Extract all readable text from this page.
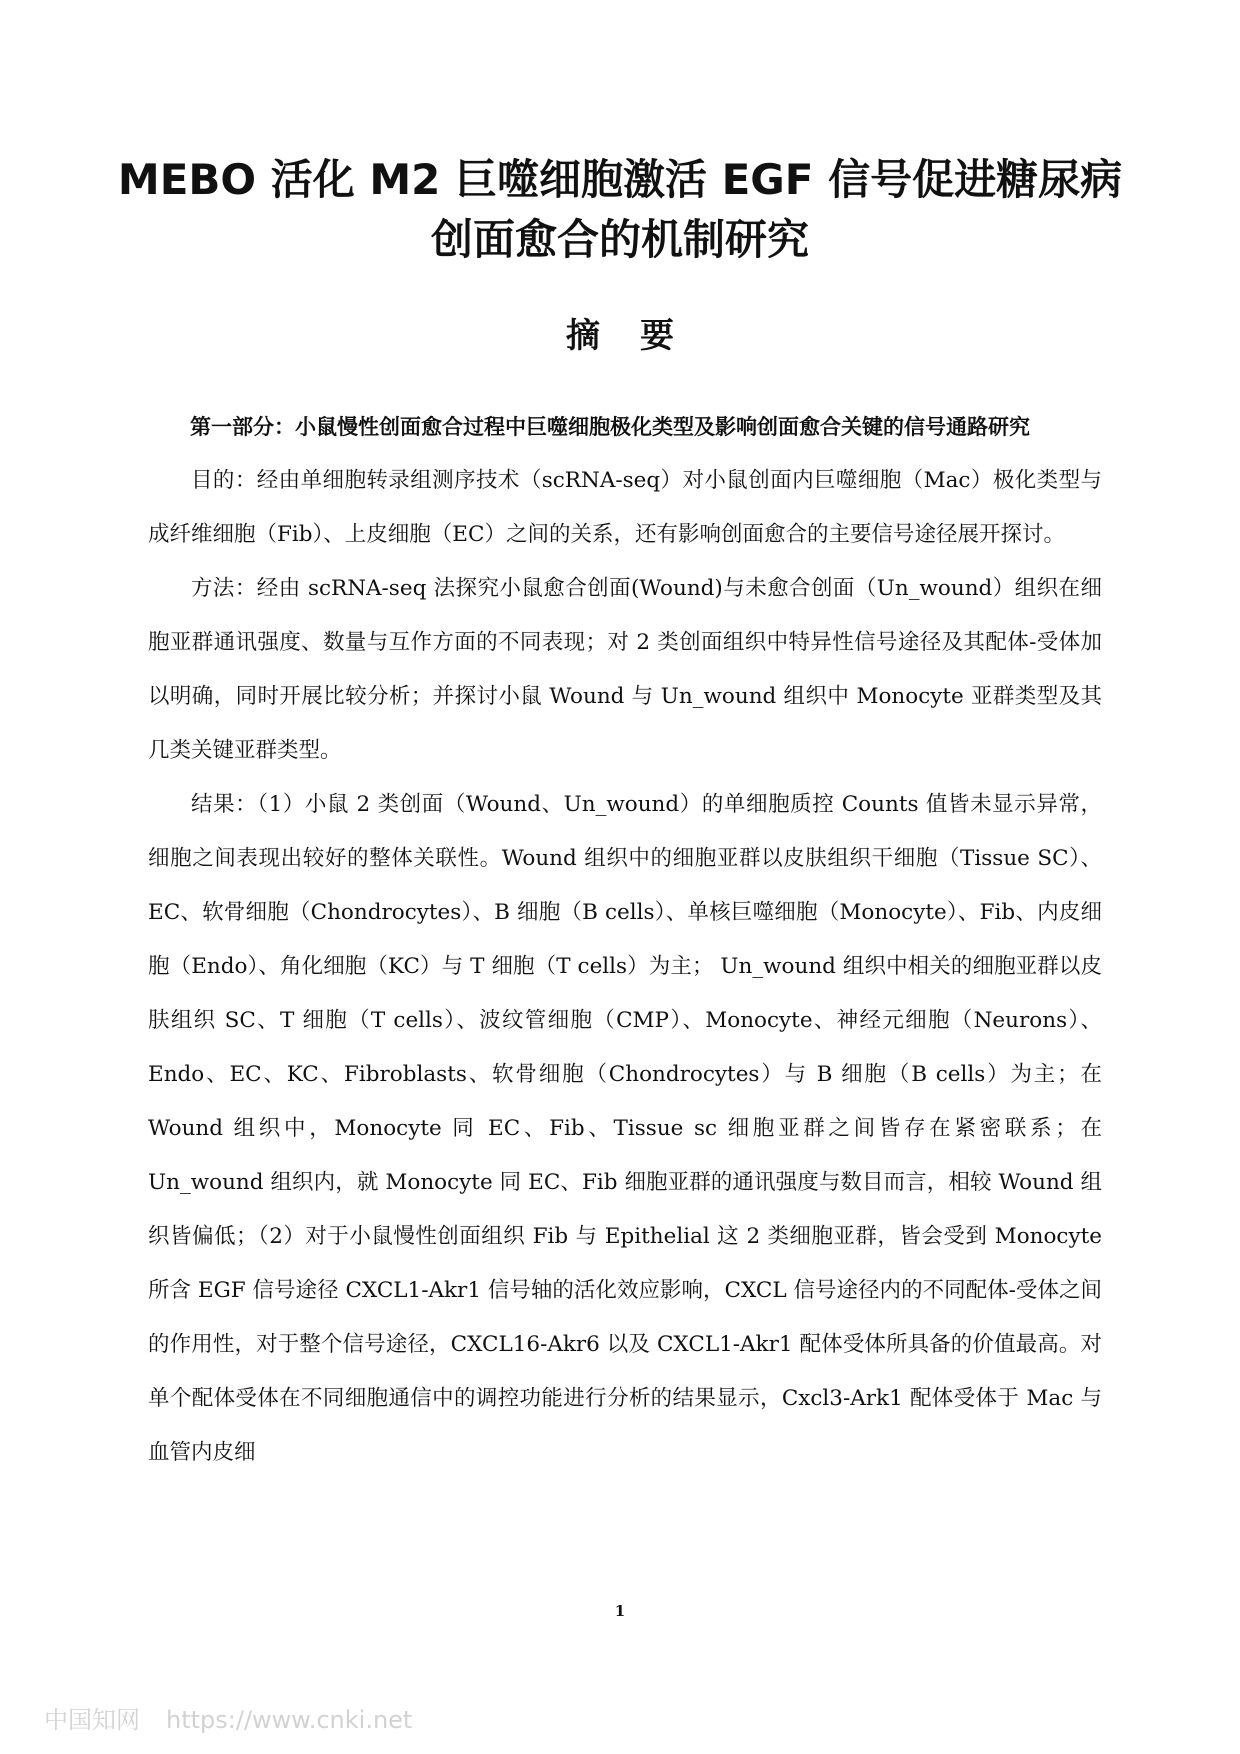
MEBO 活化 M2 巨噬细胞激活 EGF 信号促进糖尿病
创面愈合的机制研究
摘要

第一部分：小鼠慢性创面愈合过程中巨噬细胞极化类型及影响创面愈合关键的信号通路研究

目的：经由单细胞转录组测序技术（scRNA-seq）对小鼠创面内巨噬细胞（Mac）极化类型与成纤维细胞（Fib）、上皮细胞（EC）之间的关系，还有影响创面愈合的主要信号途径展开探讨。

方法：经由 scRNA-seq 法探究小鼠愈合创面(Wound)与未愈合创面（Un_wound）组织在细胞亚群通讯强度、数量与互作方面的不同表现；对 2 类创面组织中特异性信号途径及其配体-受体加以明确，同时开展比较分析；并探讨小鼠 Wound 与 Un_wound 组织中 Monocyte 亚群类型及其几类关键亚群类型。

结果：（1）小鼠 2 类创面（Wound、Un_wound）的单细胞质控 Counts 值皆未显示异常，细胞之间表现出较好的整体关联性。Wound 组织中的细胞亚群以皮肤组织干细胞（Tissue SC）、EC、软骨细胞（Chondrocytes）、B 细胞（B cells）、单核巨噬细胞（Monocyte）、Fib、内皮细胞（Endo）、角化细胞（KC）与 T 细胞（T cells）为主； Un_wound 组织中相关的细胞亚群以皮肤组织 SC、T 细胞（T cells）、波纹管细胞（CMP）、Monocyte、神经元细胞（Neurons）、Endo、EC、KC、Fibroblasts、软骨细胞（Chondrocytes）与 B 细胞（B cells）为主；在 Wound 组织中，Monocyte 同 EC、Fib、Tissue sc 细胞亚群之间皆存在紧密联系；在 Un_wound 组织内，就 Monocyte 同 EC、Fib 细胞亚群的通讯强度与数目而言，相较 Wound 组织皆偏低；（2）对于小鼠慢性创面组织 Fib 与 Epithelial 这 2 类细胞亚群，皆会受到 Monocyte 所含 EGF 信号途径 CXCL1-Akr1 信号轴的活化效应影响，CXCL 信号途径内的不同配体-受体之间的作用性，对于整个信号途径，CXCL16-Akr6 以及 CXCL1-Akr1 配体受体所具备的价值最高。对单个配体受体在不同细胞通信中的调控功能进行分析的结果显示，Cxcl3-Ark1 配体受体于 Mac 与血管内皮细

1
中国知网 https://www.cnki.net
